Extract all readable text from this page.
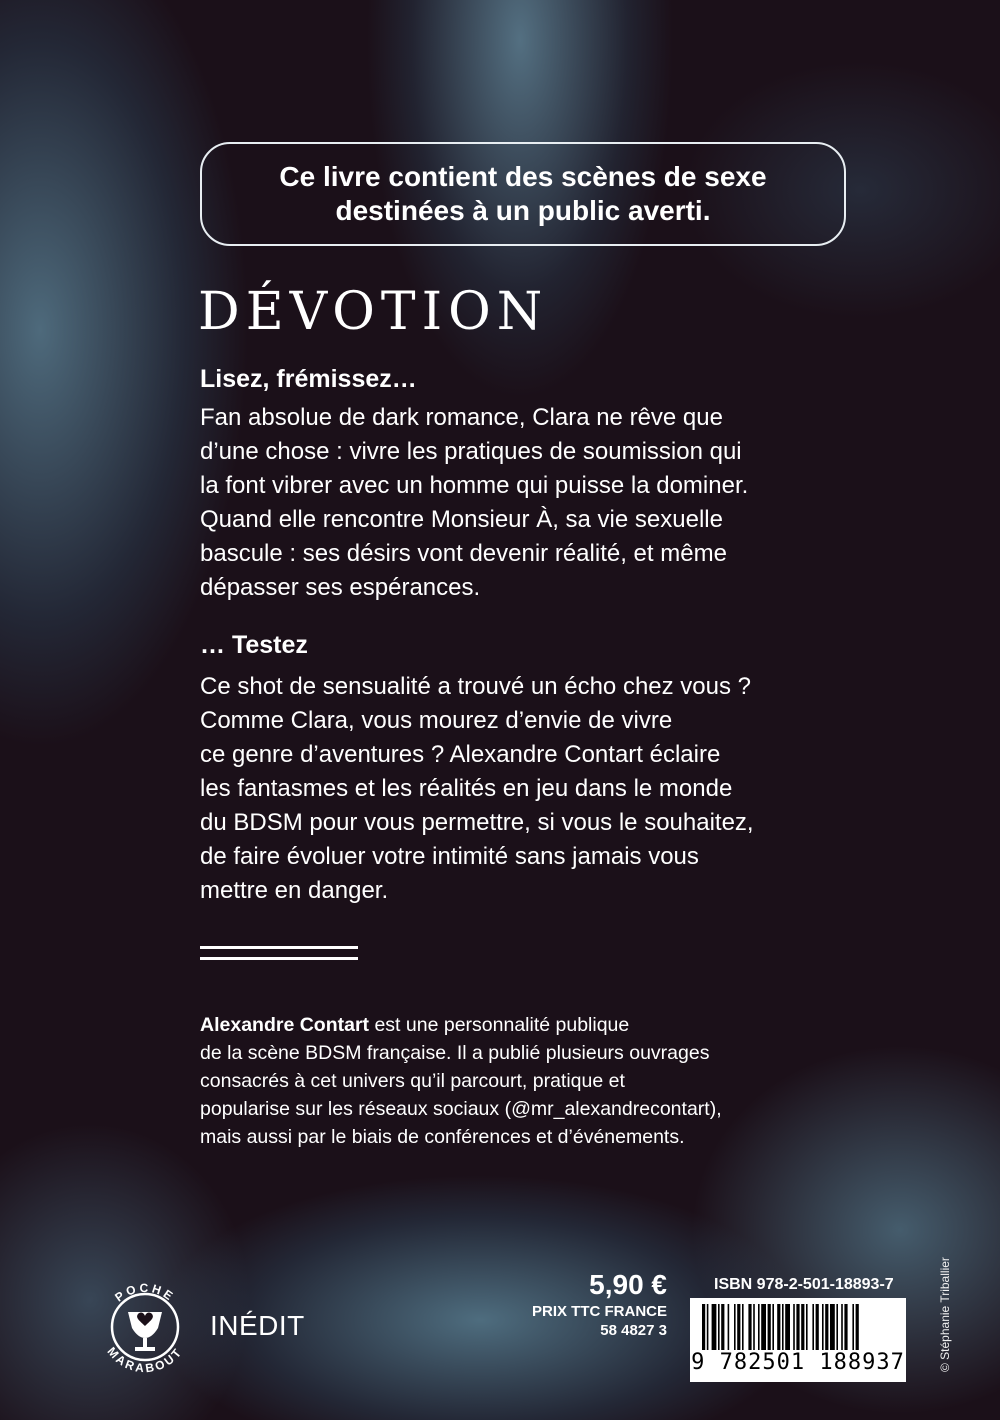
Ce livre contient des scènes de sexe
destinées à un public averti.
DÉVOTION
Lisez, frémissez…

Fan absolue de dark romance, Clara ne rêve que
d’une chose : vivre les pratiques de soumission qui
la font vibrer avec un homme qui puisse la dominer.
Quand elle rencontre Monsieur À, sa vie sexuelle
bascule : ses désirs vont devenir réalité, et même
dépasser ses espérances.

… Testez

Ce shot de sensualité a trouvé un écho chez vous ?
Comme Clara, vous mourez d’envie de vivre
ce genre d’aventures ? Alexandre Contart éclaire
les fantasmes et les réalités en jeu dans le monde
du BDSM pour vous permettre, si vous le souhaitez,
de faire évoluer votre intimité sans jamais vous
mettre en danger.

Alexandre Contart est une personnalité publique
de la scène BDSM française. Il a publié plusieurs ouvrages
consacrés à cet univers qu’il parcourt, pratique et
popularise sur les réseaux sociaux (@mr_alexandrecontart),
mais aussi par le biais de conférences et d’événements.

POCHE
MARABOUT
INÉDIT
5,90 €
PRIX TTC FRANCE
58 4827 3
ISBN 978-2-501-18893-7
9 782501 188937	© Stéphanie Triballier
